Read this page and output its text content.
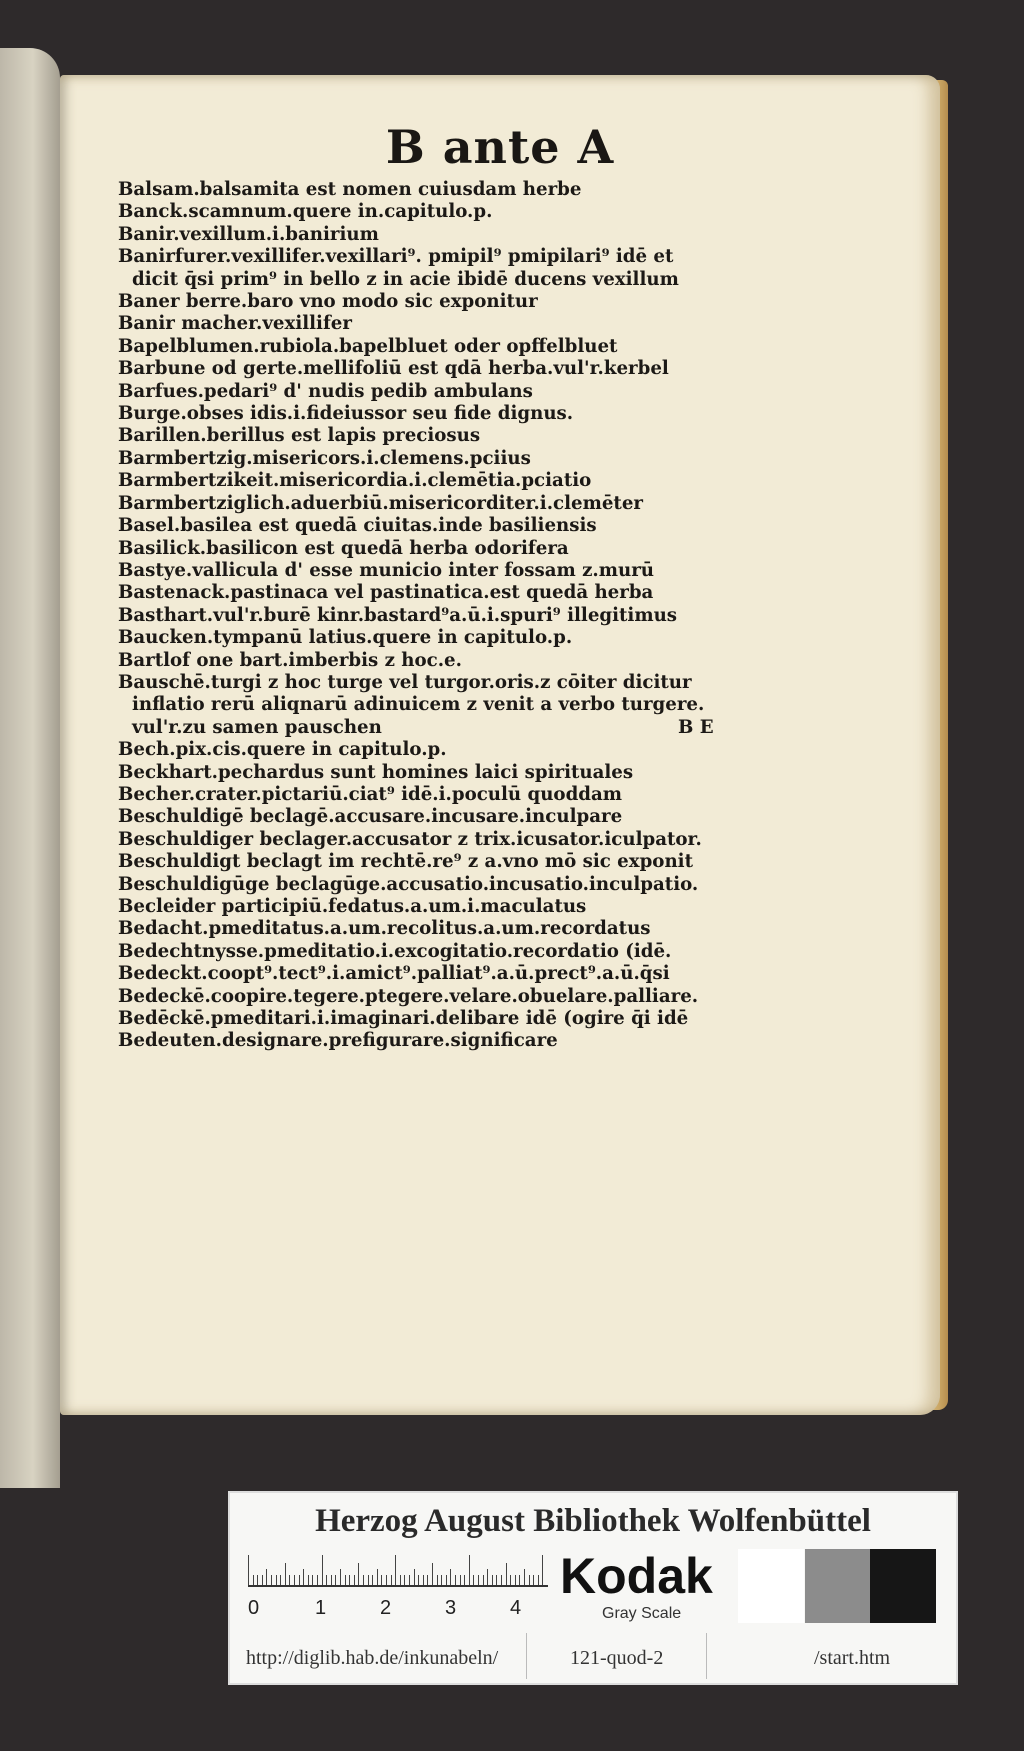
B ante A
Balsam.balsamita est nomen cuiusdam herbe
Banck.scamnum.quere in.capitulo.p.
Banir.vexillum.i.banirium
Banirfurer.vexillifer.vexillari⁹. pmipil⁹ pmipilari⁹ idē et
dicit q̄si prim⁹ in bello z in acie ibidē ducens vexillum
Baner berre.baro vno modo sic exponitur
Banir macher.vexillifer
Bapelblumen.rubiola.bapelbluet oder opffelbluet
Barbune od gerte.mellifoliū est qdā herba.vul'r.kerbel
Barfues.pedari⁹ d' nudis pedib ambulans
Burge.obses idis.i.fideiussor seu fide dignus.
Barillen.berillus est lapis preciosus
Barmbertzig.misericors.i.clemens.pciius
Barmbertzikeit.misericordia.i.clemētia.pciatio
Barmbertziglich.aduerbiū.misericorditer.i.clemēter
Basel.basilea est quedā ciuitas.inde basiliensis
Basilick.basilicon est quedā herba odorifera
Bastye.vallicula d' esse municio inter fossam z.murū
Bastenack.pastinaca vel pastinatica.est quedā herba
Basthart.vul'r.burē kinr.bastard⁹a.ū.i.spuri⁹ illegitimus
Baucken.tympanū latius.quere in capitulo.p.
Bartlof one bart.imberbis z hoc.e.
Bauschē.turgi z hoc turge vel turgor.oris.z cōiter dicitur
inflatio rerū aliqnarū adinuicem z venit a verbo turgere.
vul'r.zu samen pauschen	B E
Bech.pix.cis.quere in capitulo.p.
Beckhart.pechardus sunt homines laici spirituales
Becher.crater.pictariū.ciat⁹ idē.i.poculū quoddam
Beschuldigē beclagē.accusare.incusare.inculpare
Beschuldiger beclager.accusator z trix.icusator.iculpator.
Beschuldigt beclagt im rechtē.re⁹ z a.vno mō sic exponit
Beschuldigūge beclagūge.accusatio.incusatio.inculpatio.
Becleider participiū.fedatus.a.um.i.maculatus
Bedacht.pmeditatus.a.um.recolitus.a.um.recordatus
Bedechtnysse.pmeditatio.i.excogitatio.recordatio (idē.
Bedeckt.coopt⁹.tect⁹.i.amict⁹.palliat⁹.a.ū.prect⁹.a.ū.q̄si
Bedeckē.coopire.tegere.ptegere.velare.obuelare.palliare.
Bedēckē.pmeditari.i.imaginari.delibare idē (ogire q̄i idē
Bedeuten.designare.prefigurare.significare
Herzog August Bibliothek Wolfenbüttel
0	1	2	3	4
Kodak
Gray Scale
http://diglib.hab.de/inkunabeln/	121-quod-2	/start.htm
